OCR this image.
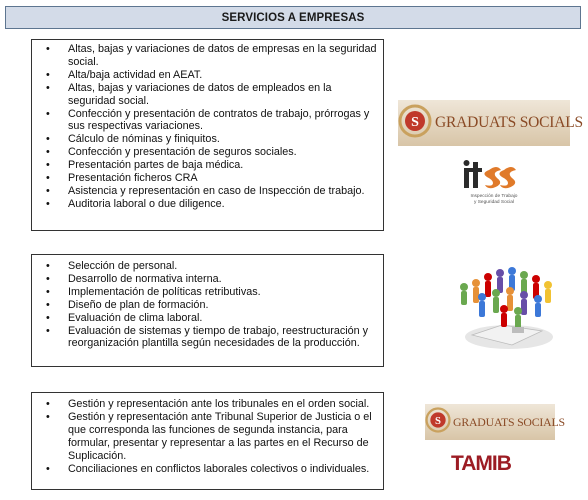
SERVICIOS A EMPRESAS
• Altas, bajas y variaciones de datos de empresas en la seguridad social.
• Alta/baja actividad en AEAT.
• Altas, bajas y variaciones de datos de empleados en la seguridad social.
• Confección y presentación de contratos de trabajo, prórrogas y sus respectivas variaciones.
• Cálculo de nóminas y finiquitos.
• Confección y presentación de seguros sociales.
• Presentación partes de baja médica.
• Presentación ficheros CRA
• Asistencia y representación en caso de Inspección de trabajo.
• Auditoria laboral o due diligence.
• Selección de personal.
• Desarrollo de normativa interna.
• Implementación de políticas retributivas.
• Diseño de plan de formación.
• Evaluación de clima laboral.
• Evaluación de sistemas y tiempo de trabajo, reestructuración y reorganización plantilla según necesidades de la producción.
• Gestión y representación ante los tribunales en el orden social.
• Gestión y representación ante Tribunal Superior de Justicia o el que corresponda las funciones de segunda instancia, para formular, presentar y representar a las partes en el Recurso de Suplicación.
• Conciliaciones en conflictos laborales colectivos o individuales.
S GRADUATS SOCIALS
Inspección de Trabajo
y Seguridad Social
S GRADUATS SOCIALS
TAMIB
